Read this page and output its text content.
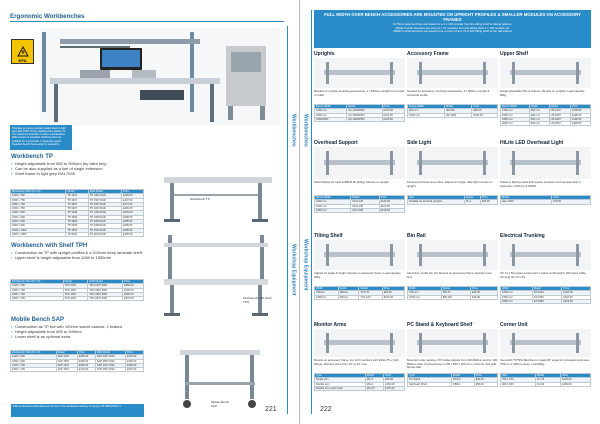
Ergonomic Workbenches
EPA
Provides an epoxy-powder-coated steel in light grey RAL7035. These workbenches deliver 25 mm melamine laminate or when a workstation ESD version is specified, ESD benches are outfitted for a protective 1 mega-ohm earth. Supplied bench frame-work for assembly.
Workbench TP
• Height adjustable from 650 to 900mm (by allen key)
• Can be also supplied as a line of single extension
• Shelf frame in light grey RAL7035
Workbench Size (W x D)	Model	ESD Model	Price
1200 x 750	TP 1207	TP 1207 ESD	£235.00
1500 x 750	TP 1507	TP 1507 ESD	£237.00
1800 x 750	TP 1807	TP 1807 ESD	£274.00
2000 x 750	TP 2007	TP 2007 ESD	£284.00
1200 x 900	TP 1209	TP 1209 ESD	£253.00
1500 x 900	TP 1509	TP 1509 ESD	£258.00
1800 x 900	TP 1809	TP 1809 ESD	£285.00
2000 x 900	TP 2009	TP 2009 ESD	£296.00
1500 x 1000	TP 1510	TP 1510 ESD	£280.00
2000 x 1000	TP 2010	TP 2010 ESD	£305.00
Workbench TP
Workbench with Shelf TPH
• Construction as TP with upright profiles & a 310mm deep laminate shelf
• Upper shelf is height adjustable from 1080 to 1550mm
Workbench Size (W x D)	Model	ESD Model	Price
1200 x 750	TPH 1207	TPH 1207 ESD	£580.00
1500 x 750	TPH 1507	TPH 1507 ESD	£700.00
1800 x 750	TPH 1807	TPH 1807 ESD	£665.00
2000 x 750	TPH 2007	TPH 2007 ESD	£670.00	Workbench with shelf TPH
Mobile Bench SAP
• Construction as TP but with 100mm swivel castors, 2 braked
• Height adjustable from 690 to 940mm
• Lower shelf is an optional extra
Workbench Size (W x D)	Model	Price	ESD Model	Price
1200 x 600	SAP 1207	£295.00	SAP 1207 ESD	£315.00
1500 x 600	SAP 1507	£305.00	SAP 1507 ESD	£325.00
1200 x 750	SAP 1207	£309.00	SAP 1207 ESD	£329.00
1500 x 750	SAP 1507	£319.00	SAP 1507 ESD	£340.00
Mobile Bench SAP
ESD protected workbenches are for use in the workplace industry & comply with BS61340-5-1
Workbenches
Workshop Equipment
221
Workbenches
Workshop Equipment
FULL WIDTH OVER BENCH ACCESSORIES ARE MOUNTED ON UPRIGHT PROFILES & SMALLER MODULES ON ACCESSORY FRAMES
1075mm wide benches are based on a 1 x 100 module from the tilting shelf or lateral options.
1500mm wide benches are using 2 x 70 modules from the tilting shelf 1 x 100 module etc.
1800mm wide benches can accept one of each of any 70 & 100 tilting shelf or bin rail options
Uprights
Needed for upright mounting accessories. 1 x 660mm upright for rod and 4 profile
Bench Width	Model	Price
1200 mm	AU-1200/PRO	£100.00
1500 mm	AU-1500/PRO	£115.00
1800/2000	AU-1800/PRO	£125.00
Accessory Frame
Needed for accessory mounting accessories. 1 x 500mm upright & horizontal profile.
Frame Width	Model	Price
500 mm	AR-500	£85.00
1000 mm	AR-1000	£125.00
Upper Shelf
Height adjustable 25mm shelves. Mounts on uprights. Load capacity 50kg.
Bench Width	Depth	Model	Price
1200 mm	300 mm	US-1207	£108.00
1500 mm	300 mm	US-1507	£128.00
1800 mm	300 mm	US-1807	£138.00
2000 mm	300 mm	US-2007	£148.00
Overhead Support
Steel bracket for tools & 888-B-30 (40kg). Mounts on upright.
Bench Width	Model	Price
1200 mm	OHS-120	£100.00
1500 mm	OHS-150	£110.00
1800 mm	OHS-180	£118.00
Side Light
Fluorescent fixture free tubes. Adjusts for angle. Side light mounts on upright.
Size	Model	Price
Suitable for all sized uprights	SL-1	£35.00
HiLite LED Overhead Light
Suited to lighting tasks that require precision such as assembly or inspection. 1000 lux & 6000K.
Model	Price
HLL-1000	£70.00
Tilting Shelf
Adjusts for angle & height. Mounts on accessory frame. Load capacity 20kg.
Width	Depth	Model	Price
700mm	360mm	TLS-70	£64.00
1000mm	360mm	TLS-100	£100.00
Bin Rail
Aluminium profile bin rail. Mounts on accessory frame. Accepts most bins.
Width	Model	Price
700 mm	BR-70	£20.00
1000 mm	BR-100	£26.00
Electrical Trunking
UK 13 1 5G power socket with 1 mains on/off switch. 3M mains cable. UK plug UK 13 1 5G.
Width	Model	Price
1200 mm	ET-1200	£100.00
1500 mm	ET-1500	£110.00
1800 mm	ET-1800	£120.00
Monitor Arms
Mounts on accessory frame. For LCD monitors with VESA 75 or 100 fittings. Monitors sizes from 15" to 24" max.
Type	Model	Price
Single arm	MA-1	£80.00
Double arm	MA-2	£150.00
Double arm extra reach	MA-2X	£170.00
PC Stand & Keyboard Shelf
Mounted under worktop. PC holder adjusts from 190-800mm and for 130-650mm wide. Keyboard tray is 200 x 500 x 110mm in columns. Suit Half Mouse Mat.
Type	Model	Price
PC Stand	PCS-1	£60.00
Keyboard Shelf	KBS-1	£55.00
Corner Unit
Used with TP/TPH Benches to create 90° angle for increased work area. 750mm or 900mm deep. Load 80kg.
Size	Model	Price
750 x 750	CU-75	£145.00
900 x 900	CU-90	£160.00
222
